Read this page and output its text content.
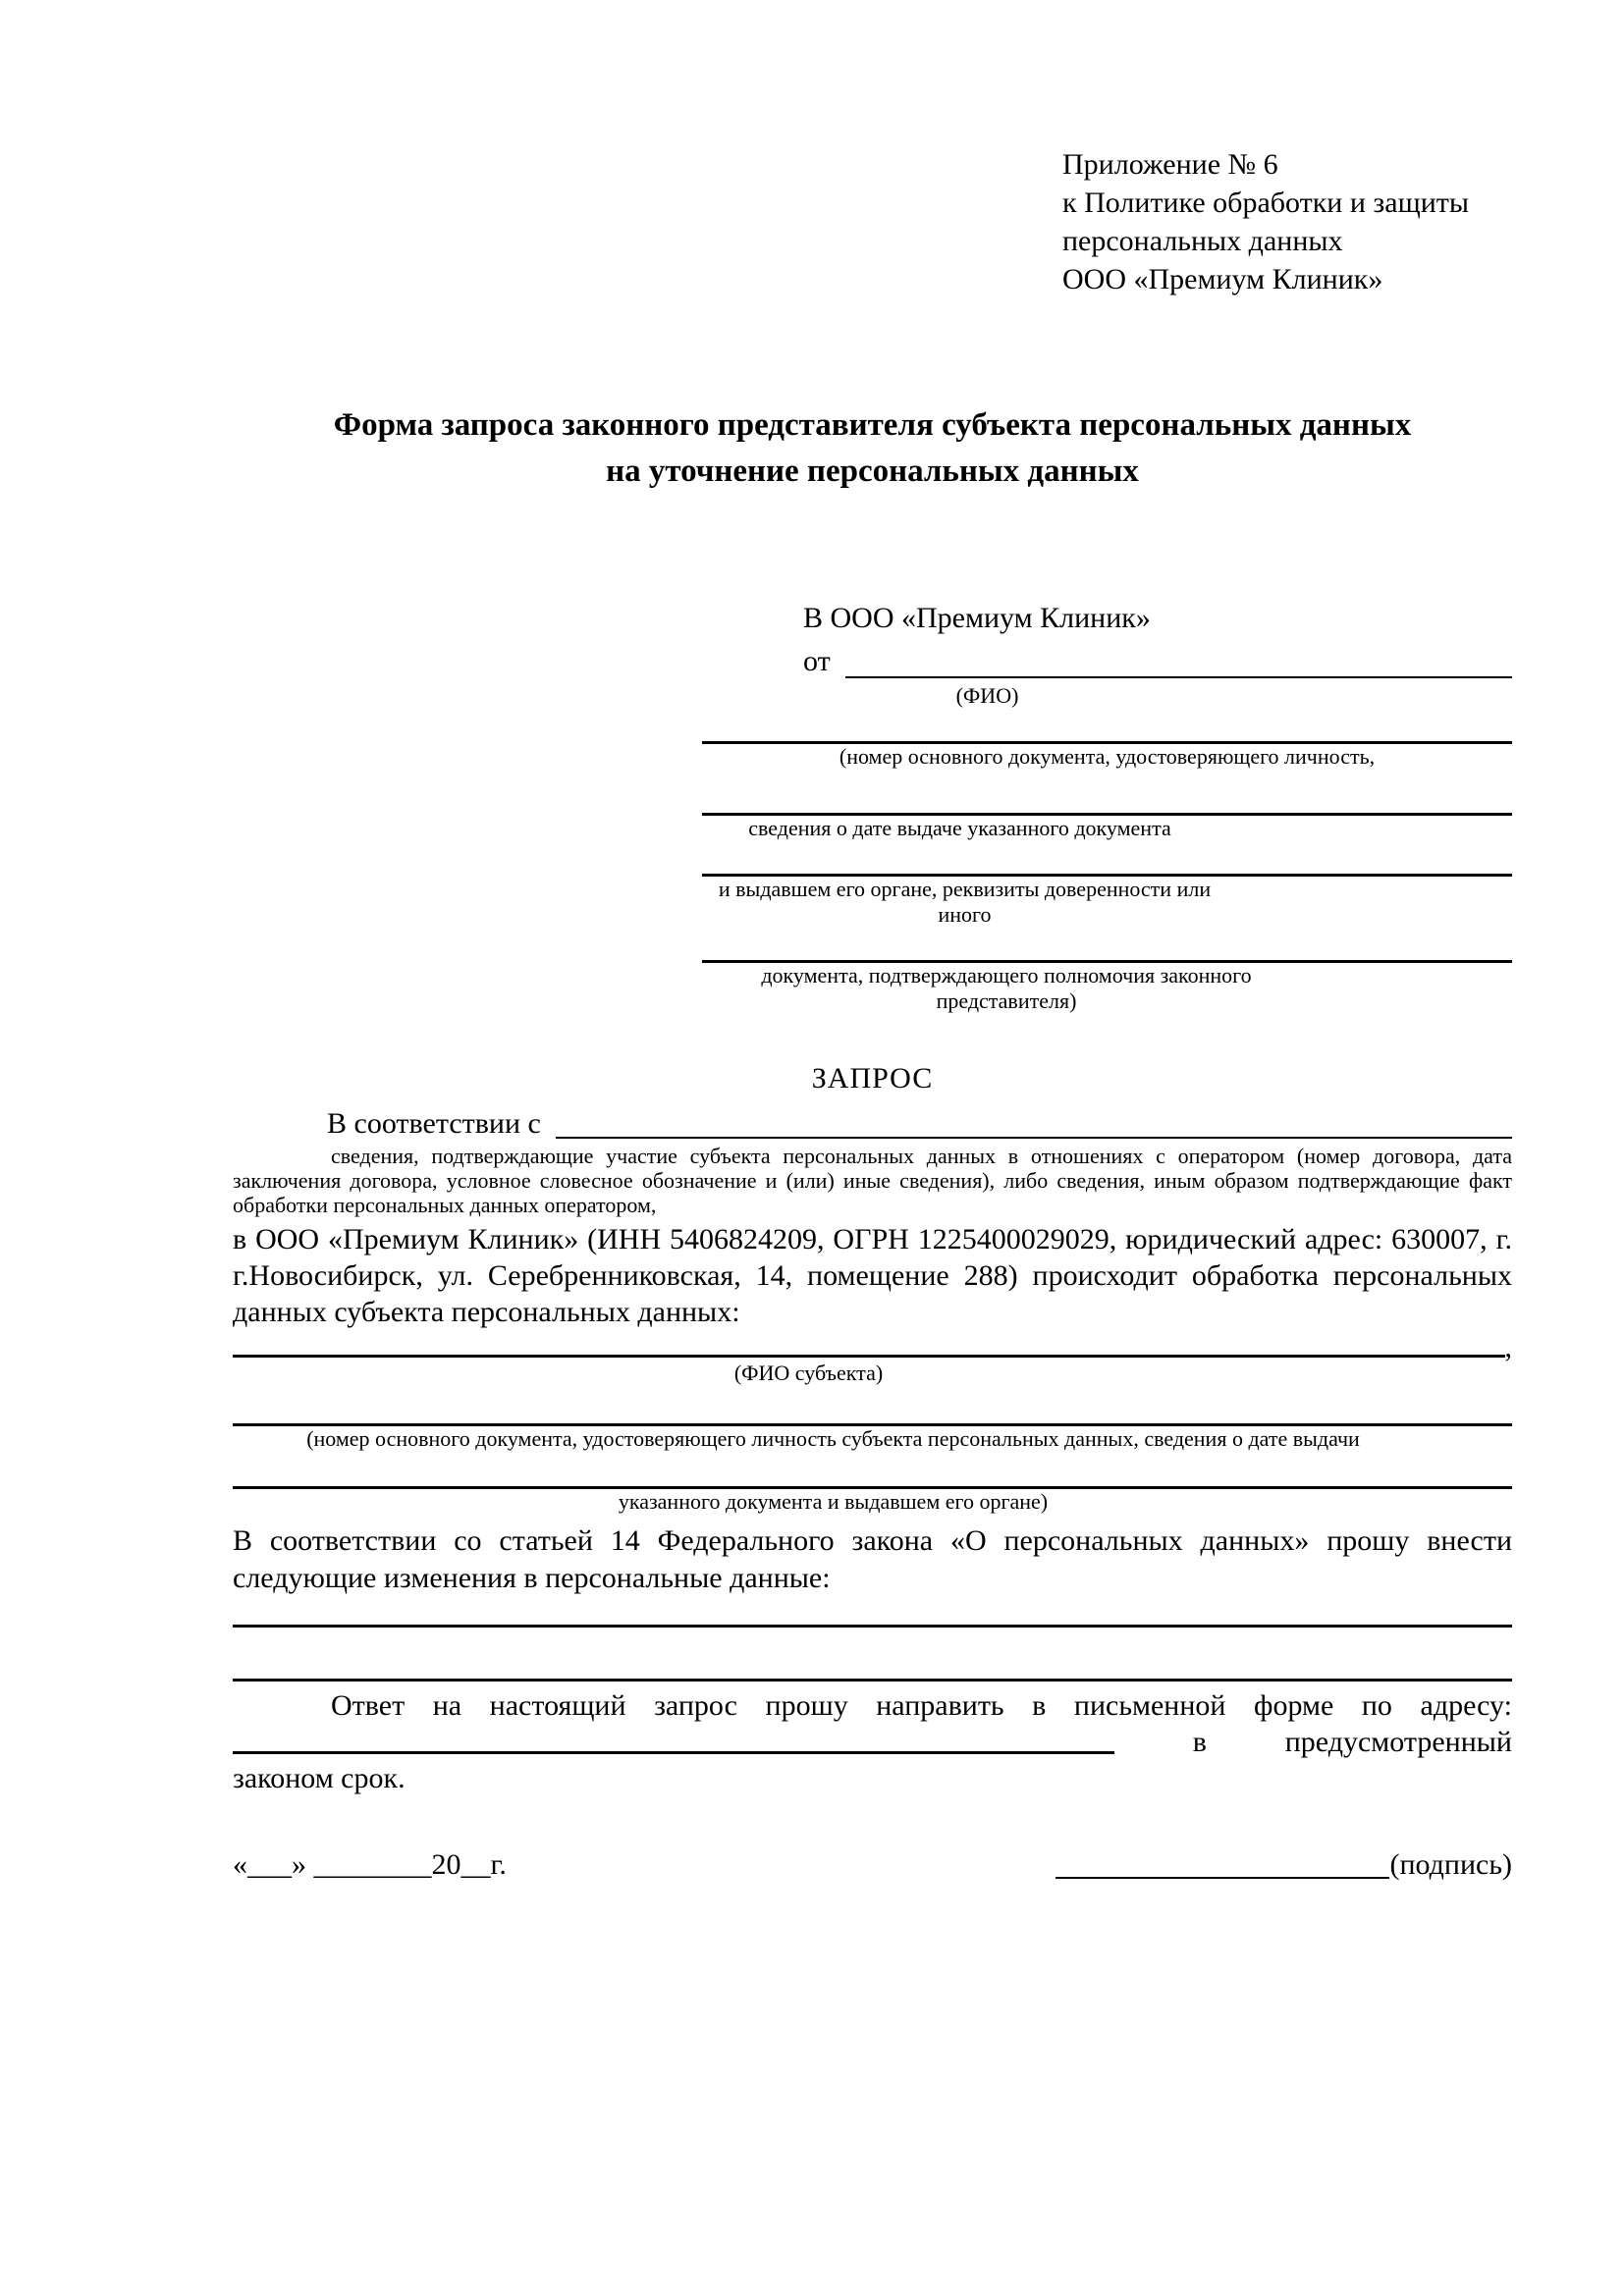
Приложение № 6
к Политике обработки и защиты
персональных данных
ООО «Премиум Клиник»
Форма запроса законного представителя субъекта персональных данных
на уточнение персональных данных
В ООО «Премиум Клиник»
от
(ФИО)
(номер основного документа, удостоверяющего личность,
сведения о дате выдаче указанного документа
и выдавшем его органе, реквизиты доверенности или иного
документа, подтверждающего полномочия законного представителя)
ЗАПРОС
В соответствии с

сведения, подтверждающие участие субъекта персональных данных в отношениях с оператором (номер договора, дата заключения договора, условное словесное обозначение и (или) иные сведения), либо сведения, иным образом подтверждающие факт обработки персональных данных оператором,

в ООО «Премиум Клиник» (ИНН 5406824209, ОГРН 1225400029029, юридический адрес: 630007, г. г.Новосибирск, ул. Серебренниковская, 14, помещение 288) происходит обработка персональных данных субъекта персональных данных:

,
(ФИО субъекта)
(номер основного документа, удостоверяющего личность субъекта персональных данных, сведения о дате выдачи
указанного документа и выдавшем его органе)

В соответствии со статьей 14 Федерального закона «О персональных данных» прошу внести следующие изменения в персональные данные:

Ответ на настоящий запрос прошу направить в письменной форме по адресу:

в	предусмотренный

законом срок.

«___» ________20__г.	(подпись)
